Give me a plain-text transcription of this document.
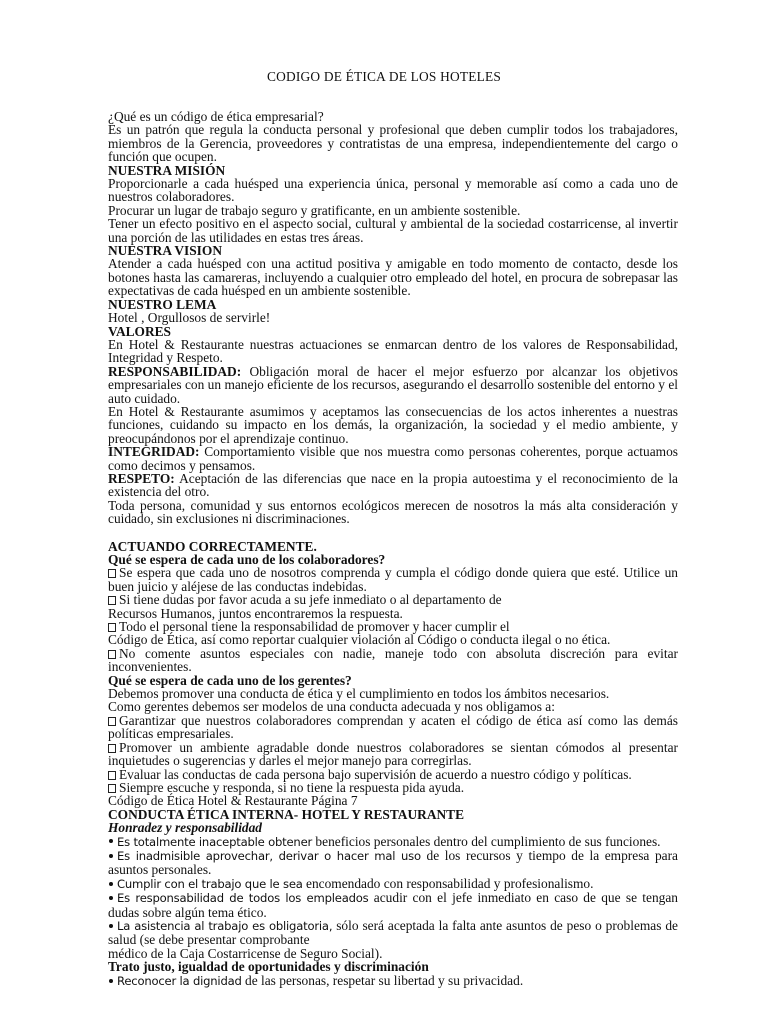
CODIGO DE ÉTICA DE LOS HOTELES

¿Qué es un código de ética empresarial?

Es un patrón que regula la conducta personal y profesional que deben cumplir todos los trabajadores, miembros de la Gerencia, proveedores y contratistas de una empresa, independientemente del cargo o función que ocupen.

NUESTRA MISIÓN

Proporcionarle a cada huésped una experiencia única, personal y memorable así como a cada uno de nuestros colaboradores.

Procurar un lugar de trabajo seguro y gratificante, en un ambiente sostenible.

Tener un efecto positivo en el aspecto social, cultural y ambiental de la sociedad costarricense, al invertir una porción de las utilidades en estas tres áreas.

NUESTRA VISION

Atender a cada huésped con una actitud positiva y amigable en todo momento de contacto, desde los botones hasta las camareras, incluyendo a cualquier otro empleado del hotel, en procura de sobrepasar las expectativas de cada huésped en un ambiente sostenible.

NUESTRO LEMA

Hotel , Orgullosos de servirle!

VALORES

En Hotel & Restaurante nuestras actuaciones se enmarcan dentro de los valores de Responsabilidad, Integridad y Respeto.

RESPONSABILIDAD: Obligación moral de hacer el mejor esfuerzo por alcanzar los objetivos empresariales con un manejo eficiente de los recursos, asegurando el desarrollo sostenible del entorno y el auto cuidado.

En Hotel & Restaurante asumimos y aceptamos las consecuencias de los actos inherentes a nuestras funciones, cuidando su impacto en los demás, la organización, la sociedad y el medio ambiente, y preocupándonos por el aprendizaje continuo.

INTEGRIDAD: Comportamiento visible que nos muestra como personas coherentes, porque actuamos como decimos y pensamos.

RESPETO: Aceptación de las diferencias que nace en la propia autoestima y el reconocimiento de la existencia del otro.

Toda persona, comunidad y sus entornos ecológicos merecen de nosotros la más alta consideración y cuidado, sin exclusiones ni discriminaciones.

ACTUANDO CORRECTAMENTE.

Qué se espera de cada uno de los colaboradores?

Se espera que cada uno de nosotros comprenda y cumpla el código donde quiera que esté. Utilice un buen juicio y aléjese de las conductas indebidas.

Si tiene dudas por favor acuda a su jefe inmediato o al departamento de

Recursos Humanos, juntos encontraremos la respuesta.

Todo el personal tiene la responsabilidad de promover y hacer cumplir el

Código de Ética, así como reportar cualquier violación al Código o conducta ilegal o no ética.

No comente asuntos especiales con nadie, maneje todo con absoluta discreción para evitar inconvenientes.

Qué se espera de cada uno de los gerentes?

Debemos promover una conducta de ética y el cumplimiento en todos los ámbitos necesarios.

Como gerentes debemos ser modelos de una conducta adecuada y nos obligamos a:

Garantizar que nuestros colaboradores comprendan y acaten el código de ética así como las demás políticas empresariales.

Promover un ambiente agradable donde nuestros colaboradores se sientan cómodos al presentar inquietudes o sugerencias y darles el mejor manejo para corregirlas.

Evaluar las conductas de cada persona bajo supervisión de acuerdo a nuestro código y políticas.

Siempre escuche y responda, si no tiene la respuesta pida ayuda.

Código de Ética Hotel & Restaurante Página 7

CONDUCTA ÉTICA INTERNA- HOTEL Y RESTAURANTE

Honradez y responsabilidad

Es totalmente inaceptable obtener beneficios personales dentro del cumplimiento de sus funciones.

Es inadmisible aprovechar, derivar o hacer mal uso de los recursos y tiempo de la empresa para asuntos personales.

Cumplir con el trabajo que le sea encomendado con responsabilidad y profesionalismo.

Es responsabilidad de todos los empleados acudir con el jefe inmediato en caso de que se tengan dudas sobre algún tema ético.

La asistencia al trabajo es obligatoria, sólo será aceptada la falta ante asuntos de peso o problemas de salud (se debe presentar comprobante

médico de la Caja Costarricense de Seguro Social).

Trato justo, igualdad de oportunidades y discriminación

Reconocer la dignidad de las personas, respetar su libertad y su privacidad.
